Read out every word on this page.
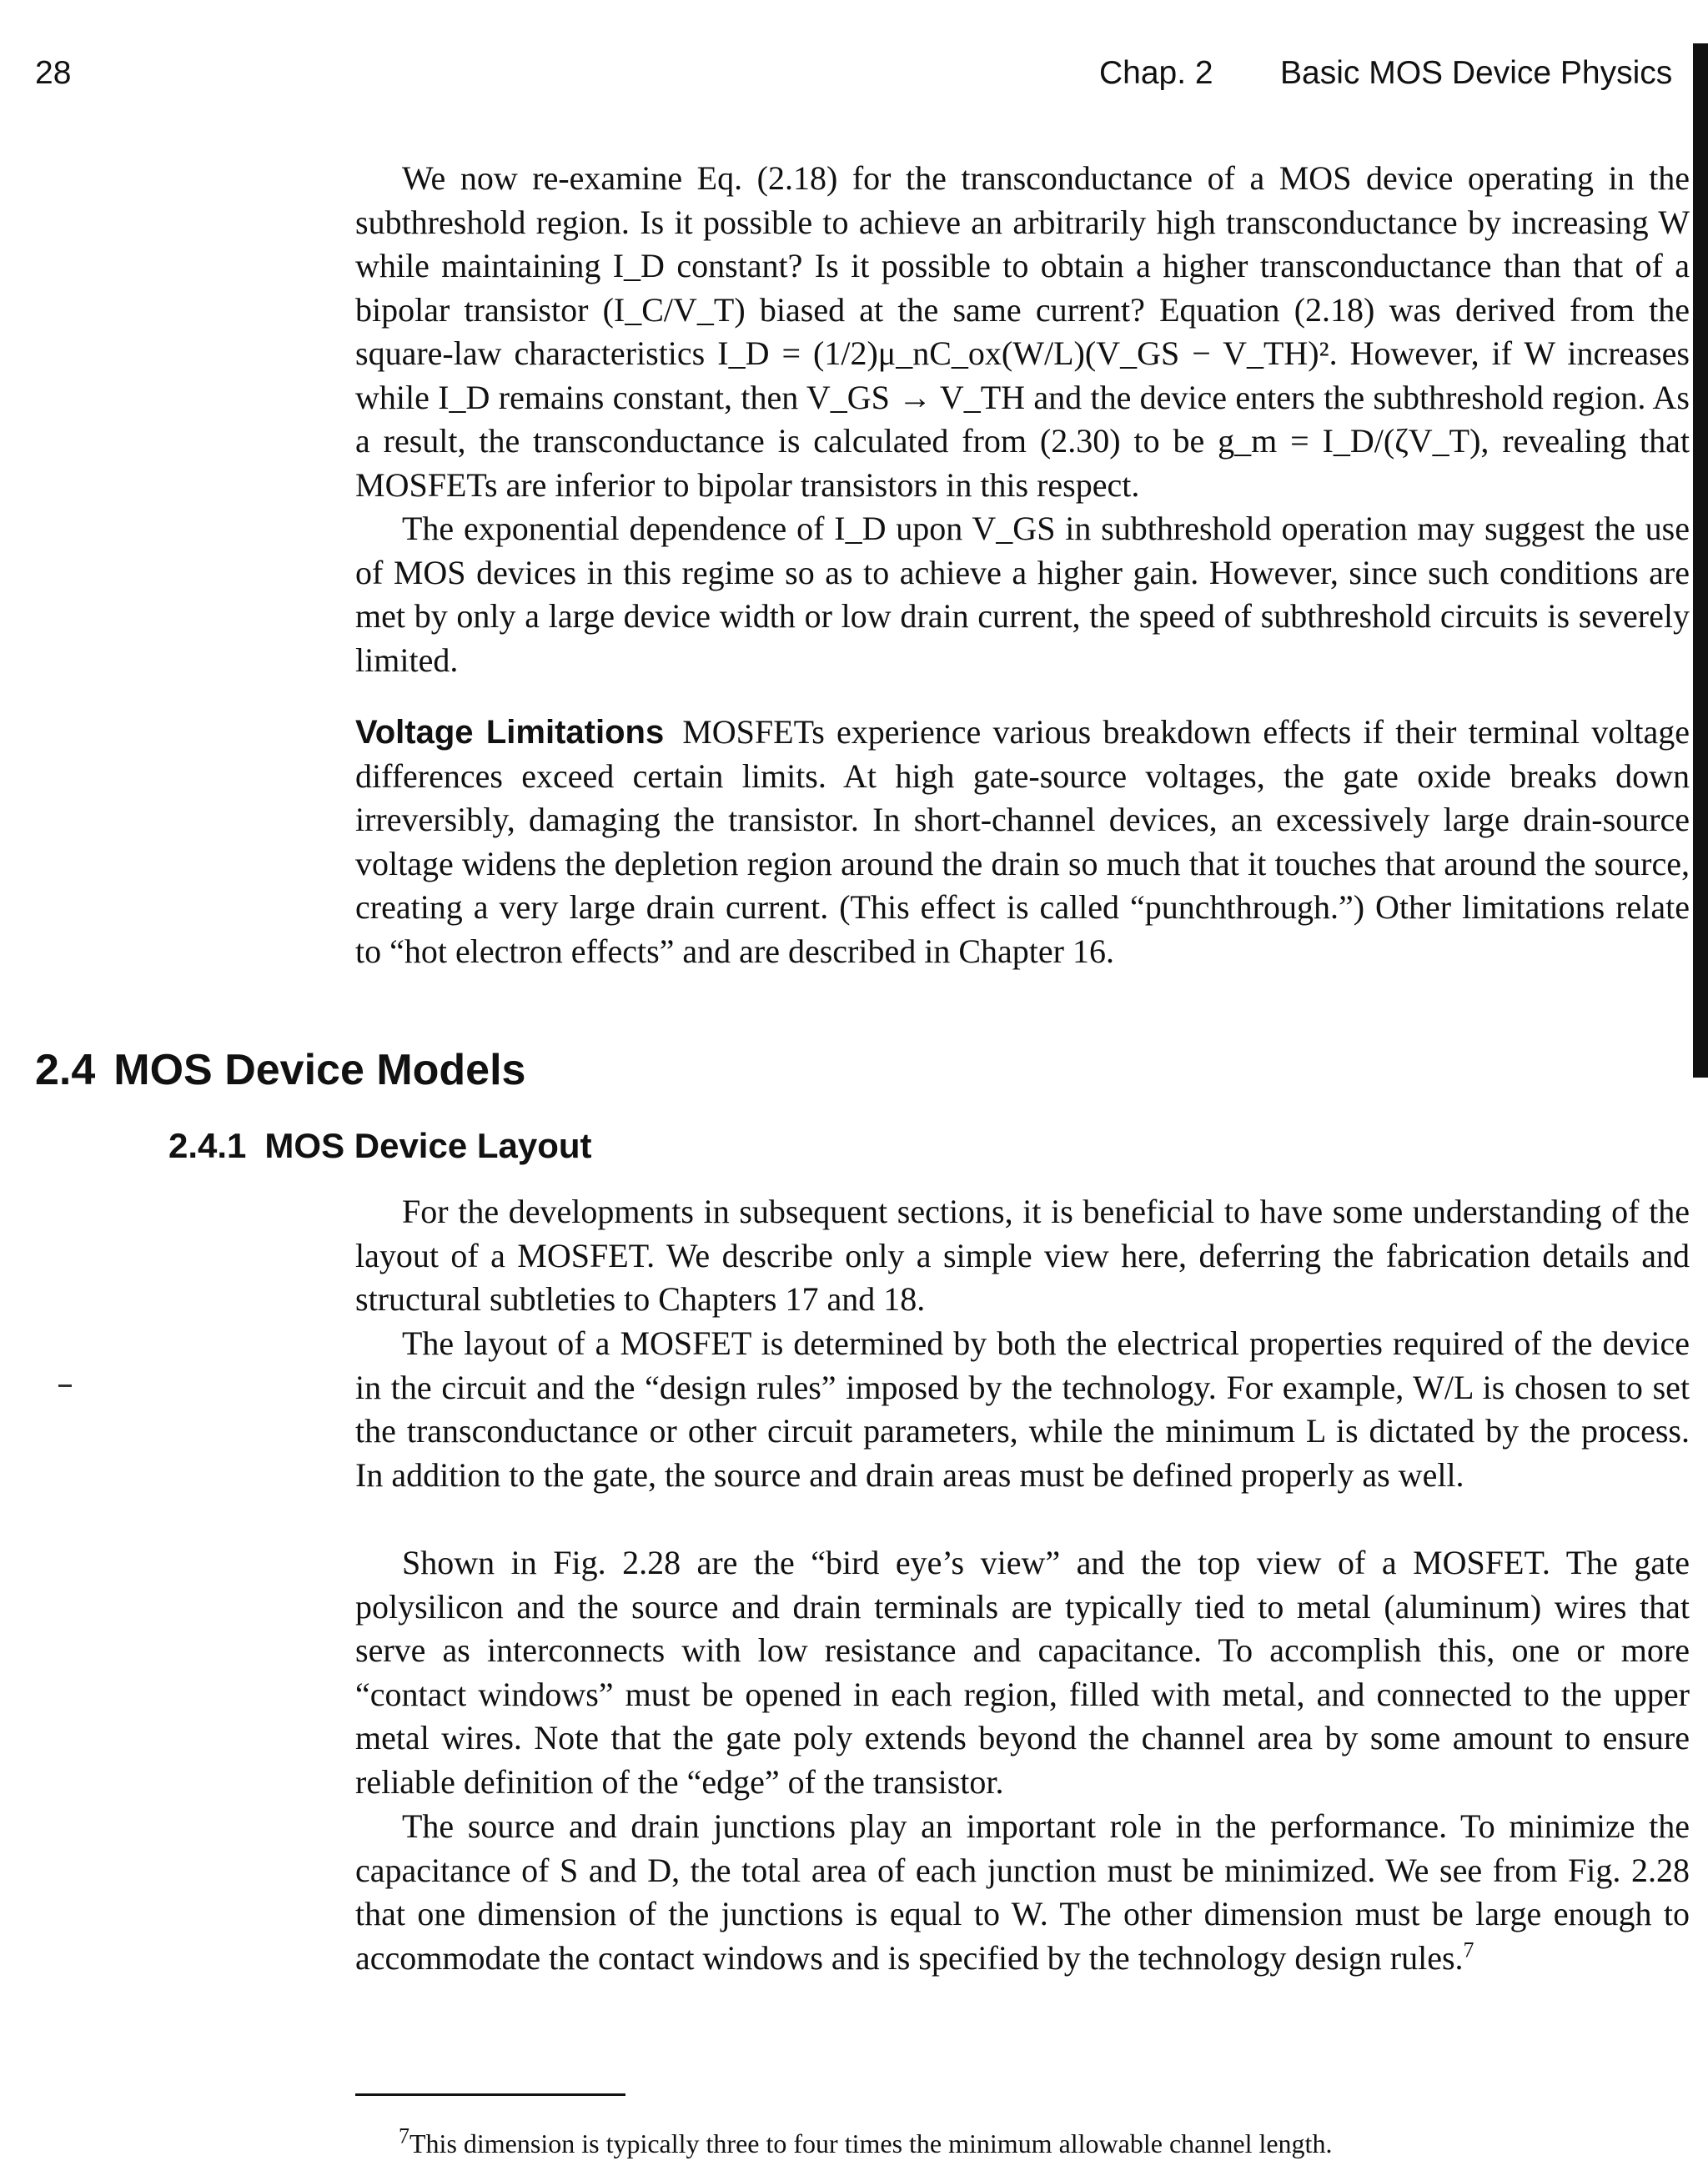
28	Chap. 2 Basic MOS Device Physics

We now re-examine Eq. (2.18) for the transconductance of a MOS device operating in the subthreshold region. Is it possible to achieve an arbitrarily high transconductance by increasing W while maintaining I_D constant? Is it possible to obtain a higher transconductance than that of a bipolar transistor (I_C/V_T) biased at the same current? Equation (2.18) was derived from the square-law characteristics I_D = (1/2)μ_nC_ox(W/L)(V_GS − V_TH)². However, if W increases while I_D remains constant, then V_GS → V_TH and the device enters the subthreshold region. As a result, the transconductance is calculated from (2.30) to be g_m = I_D/(ζV_T), revealing that MOSFETs are inferior to bipolar transistors in this respect.

The exponential dependence of I_D upon V_GS in subthreshold operation may suggest the use of MOS devices in this regime so as to achieve a higher gain. However, since such conditions are met by only a large device width or low drain current, the speed of subthreshold circuits is severely limited.

Voltage Limitations MOSFETs experience various breakdown effects if their terminal voltage differences exceed certain limits. At high gate-source voltages, the gate oxide breaks down irreversibly, damaging the transistor. In short-channel devices, an excessively large drain-source voltage widens the depletion region around the drain so much that it touches that around the source, creating a very large drain current. (This effect is called “punchthrough.”) Other limitations relate to “hot electron effects” and are described in Chapter 16.

2.4 MOS Device Models
2.4.1 MOS Device Layout

For the developments in subsequent sections, it is beneficial to have some understanding of the layout of a MOSFET. We describe only a simple view here, deferring the fabrication details and structural subtleties to Chapters 17 and 18.

The layout of a MOSFET is determined by both the electrical properties required of the device in the circuit and the “design rules” imposed by the technology. For example, W/L is chosen to set the transconductance or other circuit parameters, while the minimum L is dictated by the process. In addition to the gate, the source and drain areas must be defined properly as well.

Shown in Fig. 2.28 are the “bird eye’s view” and the top view of a MOSFET. The gate polysilicon and the source and drain terminals are typically tied to metal (aluminum) wires that serve as interconnects with low resistance and capacitance. To accomplish this, one or more “contact windows” must be opened in each region, filled with metal, and connected to the upper metal wires. Note that the gate poly extends beyond the channel area by some amount to ensure reliable definition of the “edge” of the transistor.

The source and drain junctions play an important role in the performance. To minimize the capacitance of S and D, the total area of each junction must be minimized. We see from Fig. 2.28 that one dimension of the junctions is equal to W. The other dimension must be large enough to accommodate the contact windows and is specified by the technology design rules.$^7$

$^7$This dimension is typically three to four times the minimum allowable channel length.
